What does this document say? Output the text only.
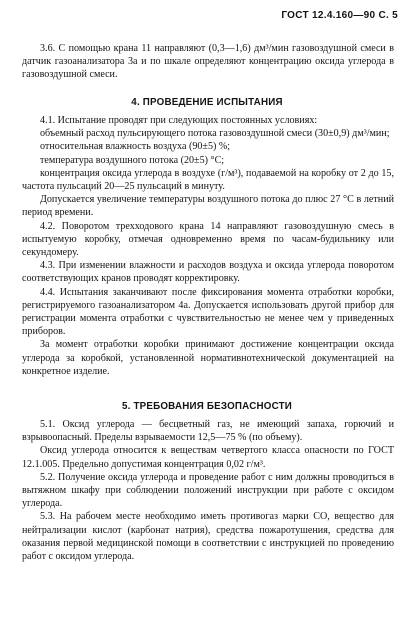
ГОСТ 12.4.160—90 С. 5

3.6. С помощью крана 11 направляют (0,3—1,6) дм³/мин газовоздушной смеси в датчик газоанализатора 3а и по шкале определяют концентрацию оксида углерода в газовоздушной смеси.

4. ПРОВЕДЕНИЕ ИСПЫТАНИЯ

4.1. Испытание проводят при следующих постоянных условиях:

объемный расход пульсирующего потока газовоздушной смеси (30±0,9) дм³/мин;

относительная влажность воздуха (90±5) %;

температура воздушного потока (20±5) °С;

концентрация оксида углерода в воздухе (г/м³), подаваемой на коробку от 2 до 15, частота пульсаций 20—25 пульсаций в минуту.

Допускается увеличение температуры воздушного потока до плюс 27 °С в летний период времени.

4.2. Поворотом трехходового крана 14 направляют газовоздушную смесь в испытуемую коробку, отмечая одновременно время по часам-будильнику или секундомеру.

4.3. При изменении влажности и расходов воздуха и оксида углерода поворотом соответствующих кранов проводят корректировку.

4.4. Испытания заканчивают после фиксирования момента отработки коробки, регистрируемого газоанализатором 4а. Допускается использовать другой прибор для регистрации момента отработки с чувствительностью не менее чем у приведенных приборов.

За момент отработки коробки принимают достижение концентрации оксида углерода за коробкой, установленной нормативнотехнической документацией на конкретное изделие.

5. ТРЕБОВАНИЯ БЕЗОПАСНОСТИ

5.1. Оксид углерода — бесцветный газ, не имеющий запаха, горючий и взрывоопасный. Пределы взрываемости 12,5—75 % (по объему).

Оксид углерода относится к веществам четвертого класса опасности по ГОСТ 12.1.005. Предельно допустимая концентрация 0,02 г/м³.

5.2. Получение оксида углерода и проведение работ с ним должны проводиться в вытяжном шкафу при соблюдении положений инструкции при работе с оксидом углерода.

5.3. На рабочем месте необходимо иметь противогаз марки СО, вещество для нейтрализации кислот (карбонат натрия), средства пожаротушения, средства для оказания первой медицинской помощи в соответствии с инструкцией по проведению работ с оксидом углерода.
